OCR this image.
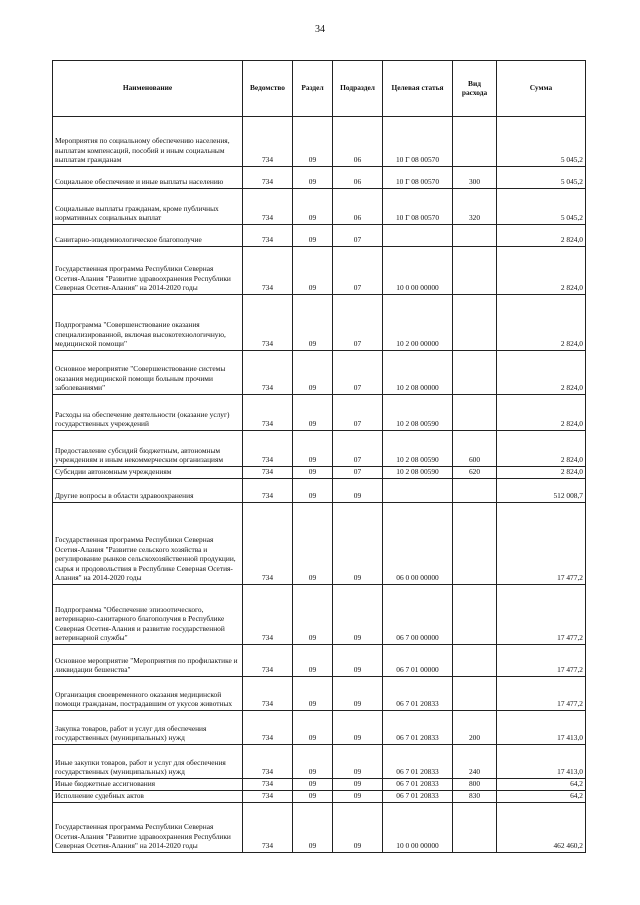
34
Наименование	Ведомство	Раздел	Подраздел	Целевая статья	Вид расхода	Сумма
Мероприятия по социальному обеспечению населения, выплатам компенсаций, пособий и иным социальным выплатам гражданам	734	09	06	10 Г 08 00570		5 045,2
Социальное обеспечение и иные выплаты населению	734	09	06	10 Г 08 00570	300	5 045,2
Социальные выплаты гражданам, кроме публичных нормативных социальных выплат	734	09	06	10 Г 08 00570	320	5 045,2
Санитарно-эпидемиологическое благополучие	734	09	07			2 824,0
Государственная программа Республики Северная Осетия-Алания "Развитие здравоохранения Республики Северная Осетия-Алания" на 2014-2020 годы	734	09	07	10 0 00 00000		2 824,0
Подпрограмма "Совершенствование оказания специализированной, включая высокотехнологичную, медицинской помощи"	734	09	07	10 2 00 00000		2 824,0
Основное мероприятие "Совершенствование системы оказания медицинской помощи больным прочими заболеваниями"	734	09	07	10 2 08 00000		2 824,0
Расходы на обеспечение деятельности (оказание услуг) государственных учреждений	734	09	07	10 2 08 00590		2 824,0
Предоставление субсидий бюджетным, автономным учреждениям и иным некоммерческим организациям	734	09	07	10 2 08 00590	600	2 824,0
Субсидии автономным учреждениям	734	09	07	10 2 08 00590	620	2 824,0
Другие вопросы в области здравоохранения	734	09	09			512 008,7
Государственная программа Республики Северная Осетия-Алания "Развитие сельского хозяйства и регулирование рынков сельскохозяйственной продукции, сырья и продовольствия в Республике Северная Осетия-Алания" на 2014-2020 годы	734	09	09	06 0 00 00000		17 477,2
Подпрограмма "Обеспечение эпизоотического, ветеринарно-санитарного благополучия в Республике Северная Осетия-Алания и развитие государственной ветеринарной службы"	734	09	09	06 7 00 00000		17 477,2
Основное мероприятие "Мероприятия по профилактике и ликвидации бешенства"	734	09	09	06 7 01 00000		17 477,2
Организация своевременного оказания медицинской помощи гражданам, пострадавшим от укусов животных	734	09	09	06 7 01 20833		17 477,2
Закупка товаров, работ и услуг для обеспечения государственных (муниципальных) нужд	734	09	09	06 7 01 20833	200	17 413,0
Иные закупки товаров, работ и услуг для обеспечения государственных (муниципальных) нужд	734	09	09	06 7 01 20833	240	17 413,0
Иные бюджетные ассигнования	734	09	09	06 7 01 20833	800	64,2
Исполнение судебных актов	734	09	09	06 7 01 20833	830	64,2
Государственная программа Республики Северная Осетия-Алания "Развитие здравоохранения Республики Северная Осетия-Алания" на 2014-2020 годы	734	09	09	10 0 00 00000		462 460,2
